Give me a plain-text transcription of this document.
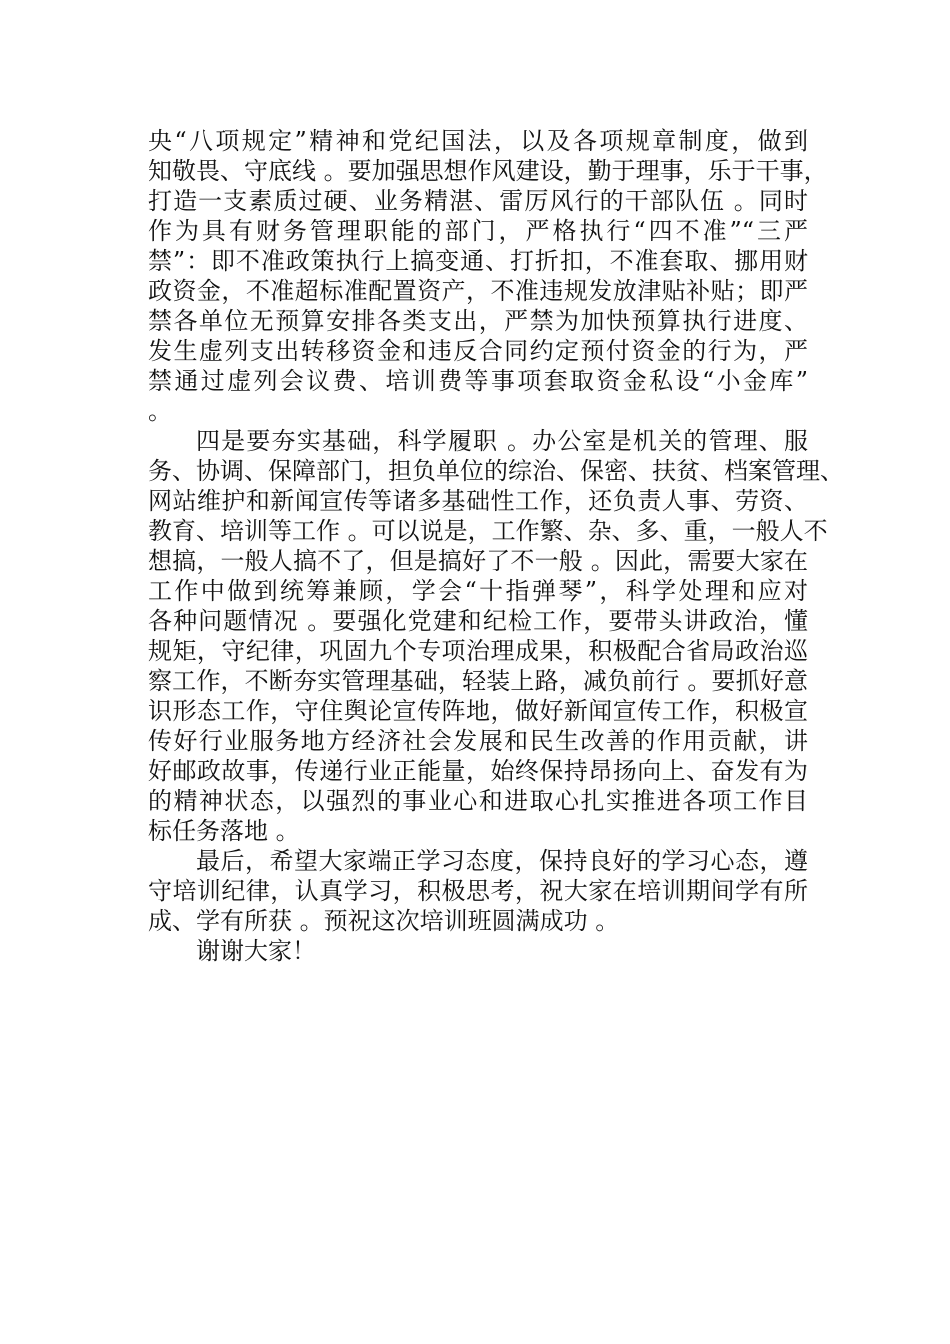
央“八项规定”精神和党纪国法，以及各项规章制度，做到
知敬畏、守底线 。要加强思想作风建设，勤于理事，乐于干事，
打造一支素质过硬、业务精湛、雷厉风行的干部队伍 。同时
作为具有财务管理职能的部门，严格执行“四不准”“三严
禁”：即不准政策执行上搞变通、打折扣，不准套取、挪用财
政资金，不准超标准配置资产，不准违规发放津贴补贴；即严
禁各单位无预算安排各类支出，严禁为加快预算执行进度、
发生虚列支出转移资金和违反合同约定预付资金的行为，严
禁通过虚列会议费、培训费等事项套取资金私设“小金库”
。
四是要夯实基础，科学履职 。办公室是机关的管理、服
务、协调、保障部门，担负单位的综治、保密、扶贫、档案管理、
网站维护和新闻宣传等诸多基础性工作，还负责人事、劳资、
教育、培训等工作 。可以说是，工作繁、杂、多、重，一般人不
想搞，一般人搞不了，但是搞好了不一般 。因此，需要大家在
工作中做到统筹兼顾，学会“十指弹琴”，科学处理和应对
各种问题情况 。要强化党建和纪检工作，要带头讲政治，懂
规矩，守纪律，巩固九个专项治理成果，积极配合省局政治巡
察工作，不断夯实管理基础，轻装上路，减负前行 。要抓好意
识形态工作，守住舆论宣传阵地，做好新闻宣传工作，积极宣
传好行业服务地方经济社会发展和民生改善的作用贡献，讲
好邮政故事，传递行业正能量，始终保持昂扬向上、奋发有为
的精神状态，以强烈的事业心和进取心扎实推进各项工作目
标任务落地 。
最后，希望大家端正学习态度，保持良好的学习心态，遵
守培训纪律，认真学习，积极思考，祝大家在培训期间学有所
成、学有所获 。预祝这次培训班圆满成功 。
谢谢大家！
